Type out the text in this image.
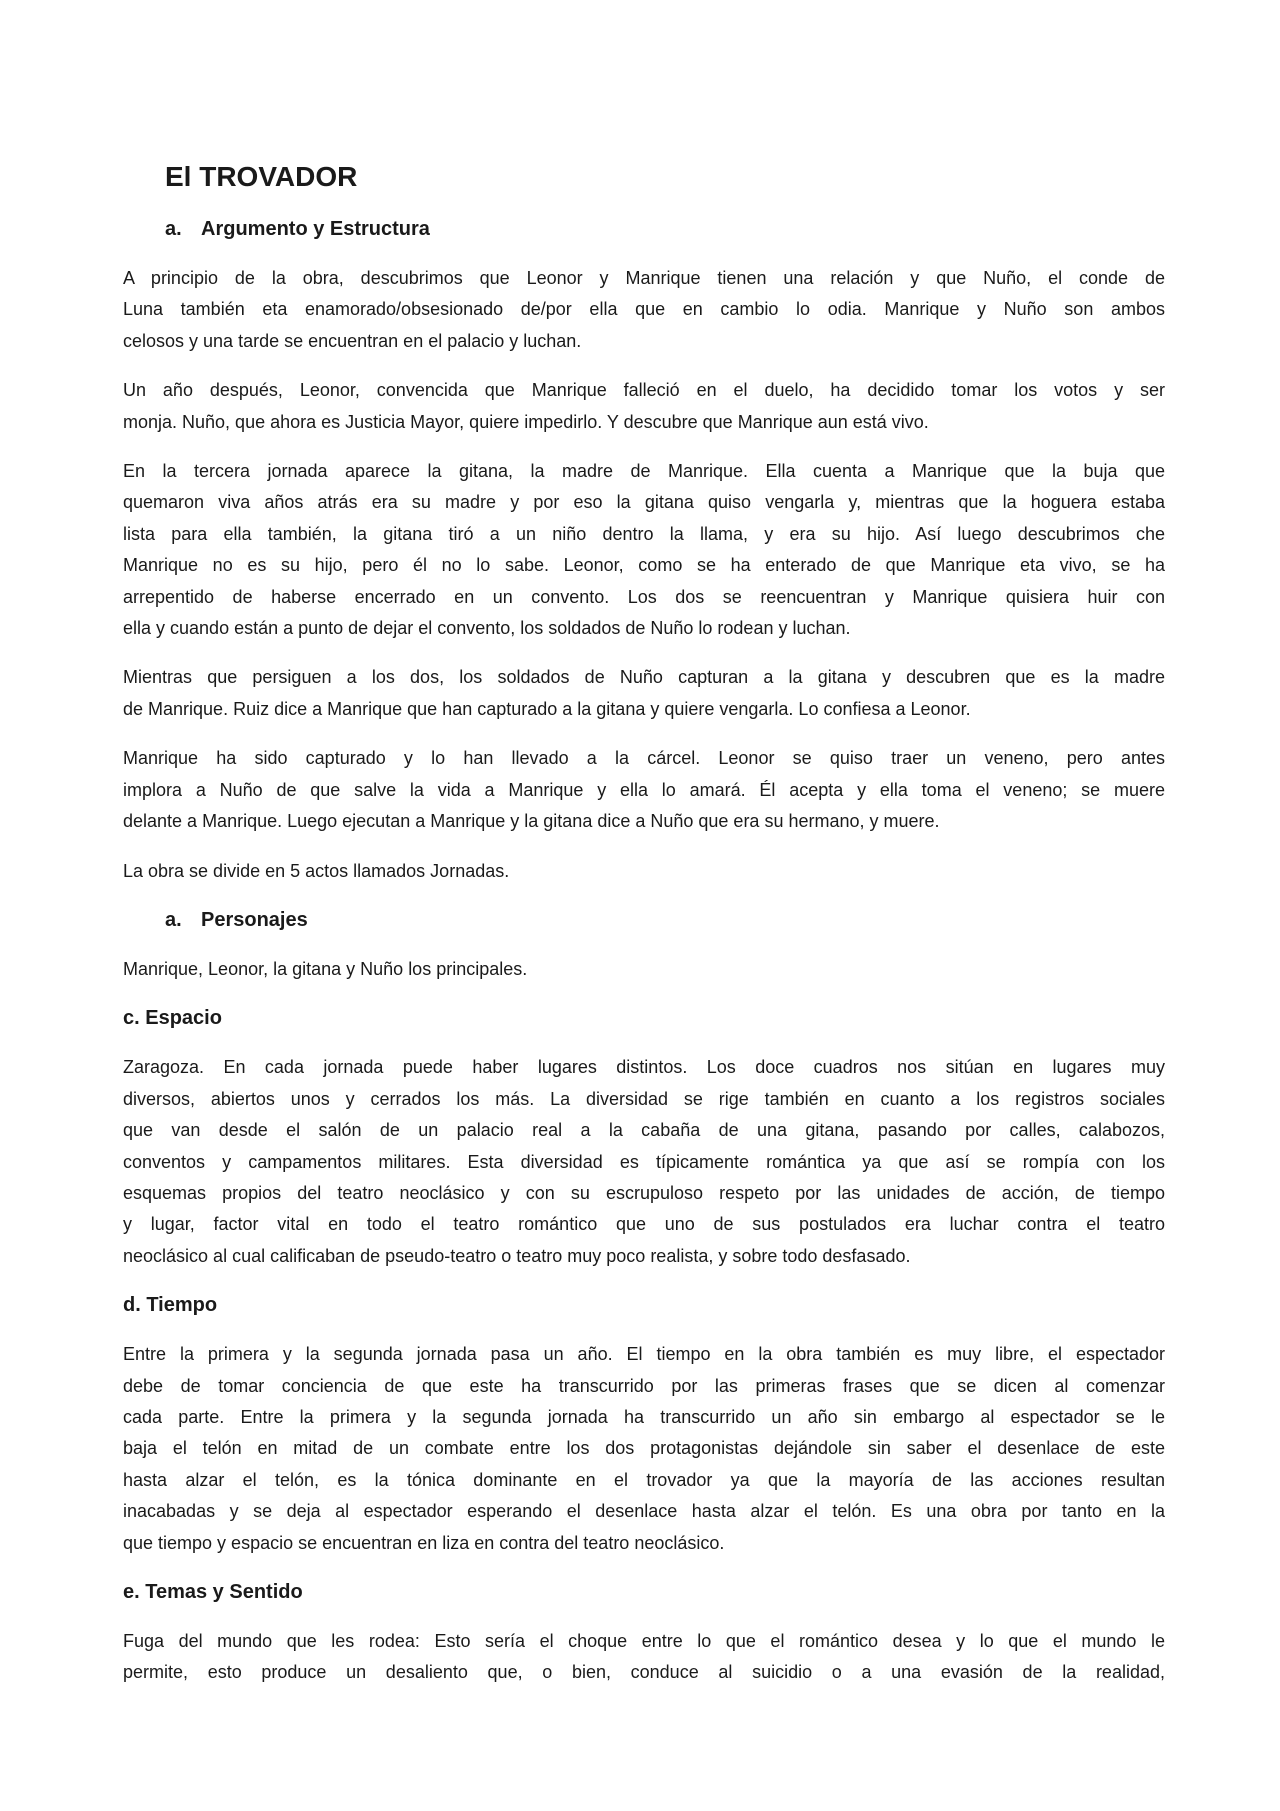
El TROVADOR
a. Argumento y Estructura
A principio de la obra, descubrimos que Leonor y Manrique tienen una relación y que Nuño, el conde de
Luna también eta enamorado/obsesionado de/por ella que en cambio lo odia. Manrique y Nuño son ambos
celosos y una tarde se encuentran en el palacio y luchan.
Un año después, Leonor, convencida que Manrique falleció en el duelo, ha decidido tomar los votos y ser
monja. Nuño, que ahora es Justicia Mayor, quiere impedirlo. Y descubre que Manrique aun está vivo.
En la tercera jornada aparece la gitana, la madre de Manrique. Ella cuenta a Manrique que la buja que
quemaron viva años atrás era su madre y por eso la gitana quiso vengarla y, mientras que la hoguera estaba
lista para ella también, la gitana tiró a un niño dentro la llama, y era su hijo. Así luego descubrimos che
Manrique no es su hijo, pero él no lo sabe. Leonor, como se ha enterado de que Manrique eta vivo, se ha
arrepentido de haberse encerrado en un convento. Los dos se reencuentran y Manrique quisiera huir con
ella y cuando están a punto de dejar el convento, los soldados de Nuño lo rodean y luchan.
Mientras que persiguen a los dos, los soldados de Nuño capturan a la gitana y descubren que es la madre
de Manrique. Ruiz dice a Manrique que han capturado a la gitana y quiere vengarla. Lo confiesa a Leonor.
Manrique ha sido capturado y lo han llevado a la cárcel. Leonor se quiso traer un veneno, pero antes
implora a Nuño de que salve la vida a Manrique y ella lo amará. Él acepta y ella toma el veneno; se muere
delante a Manrique. Luego ejecutan a Manrique y la gitana dice a Nuño que era su hermano, y muere.
La obra se divide en 5 actos llamados Jornadas.
a. Personajes
Manrique, Leonor, la gitana y Nuño los principales.
c. Espacio
Zaragoza. En cada jornada puede haber lugares distintos. Los doce cuadros nos sitúan en lugares muy
diversos, abiertos unos y cerrados los más. La diversidad se rige también en cuanto a los registros sociales
que van desde el salón de un palacio real a la cabaña de una gitana, pasando por calles, calabozos,
conventos y campamentos militares. Esta diversidad es típicamente romántica ya que así se rompía con los
esquemas propios del teatro neoclásico y con su escrupuloso respeto por las unidades de acción, de tiempo
y lugar, factor vital en todo el teatro romántico que uno de sus postulados era luchar contra el teatro
neoclásico al cual calificaban de pseudo-teatro o teatro muy poco realista, y sobre todo desfasado.
d. Tiempo
Entre la primera y la segunda jornada pasa un año. El tiempo en la obra también es muy libre, el espectador
debe de tomar conciencia de que este ha transcurrido por las primeras frases que se dicen al comenzar
cada parte. Entre la primera y la segunda jornada ha transcurrido un año sin embargo al espectador se le
baja el telón en mitad de un combate entre los dos protagonistas dejándole sin saber el desenlace de este
hasta alzar el telón, es la tónica dominante en el trovador ya que la mayoría de las acciones resultan
inacabadas y se deja al espectador esperando el desenlace hasta alzar el telón. Es una obra por tanto en la
que tiempo y espacio se encuentran en liza en contra del teatro neoclásico.
e. Temas y Sentido
Fuga del mundo que les rodea: Esto sería el choque entre lo que el romántico desea y lo que el mundo le
permite, esto produce un desaliento que, o bien, conduce al suicidio o a una evasión de la realidad,
